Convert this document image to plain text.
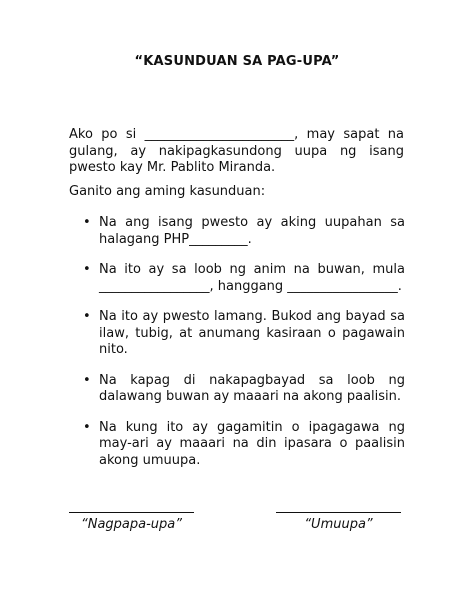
“KASUNDUAN SA PAG-UPA”
Ako po si _______________________, may sapat na gulang, ay nakipagkasundong uupa ng isang pwesto kay Mr. Pablito Miranda.
Ganito ang aming kasunduan:
• Na ang isang pwesto ay aking uupahan sa halagang PHP_________.
• Na ito ay sa loob ng anim na buwan, mula _________________, hanggang _________________.
• Na ito ay pwesto lamang. Bukod ang bayad sa ilaw, tubig, at anumang kasiraan o pagawain nito.
• Na kapag di nakapagbayad sa loob ng dalawang buwan ay maaari na akong paalisin.
• Na kung ito ay gagamitin o ipagagawa ng may-ari ay maaari na din ipasara o paalisin akong umuupa.
“Nagpapa-upa”	“Umuupa”
